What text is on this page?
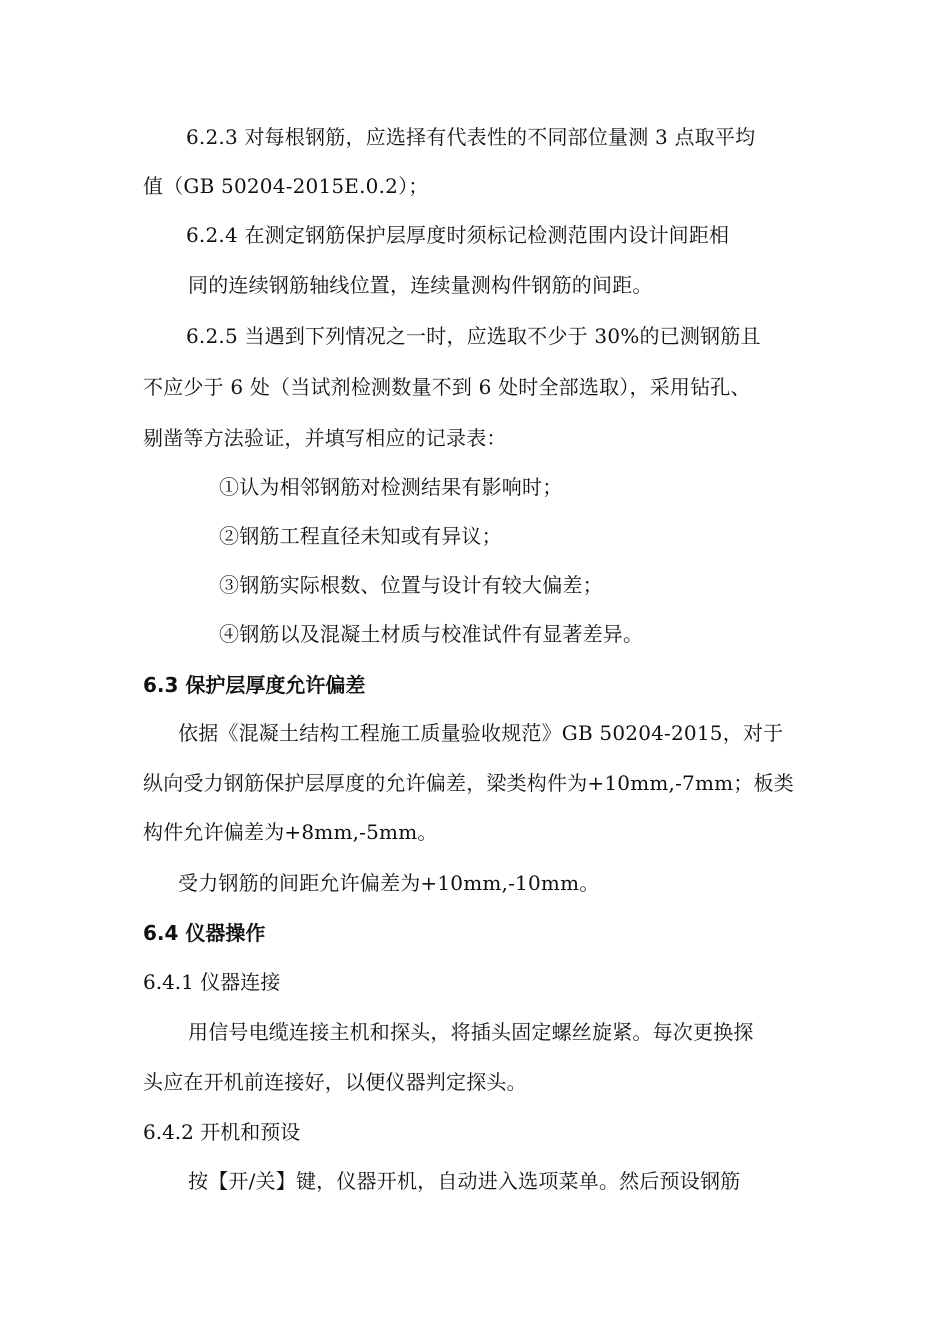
6.2.3 对每根钢筋，应选择有代表性的不同部位量测 3 点取平均
值（GB 50204-2015E.0.2）；
6.2.4 在测定钢筋保护层厚度时须标记检测范围内设计间距相
同的连续钢筋轴线位置，连续量测构件钢筋的间距。
6.2.5 当遇到下列情况之一时，应选取不少于 30%的已测钢筋且
不应少于 6 处（当试剂检测数量不到 6 处时全部选取），采用钻孔、
剔凿等方法验证，并填写相应的记录表：
①认为相邻钢筋对检测结果有影响时；
②钢筋工程直径未知或有异议；
③钢筋实际根数、位置与设计有较大偏差；
④钢筋以及混凝土材质与校准试件有显著差异。
6.3 保护层厚度允许偏差
依据《混凝土结构工程施工质量验收规范》GB 50204-2015，对于
纵向受力钢筋保护层厚度的允许偏差，梁类构件为+10mm,-7mm；板类
构件允许偏差为+8mm,-5mm。
受力钢筋的间距允许偏差为+10mm,-10mm。
6.4 仪器操作
6.4.1 仪器连接
用信号电缆连接主机和探头，将插头固定螺丝旋紧。每次更换探
头应在开机前连接好，以便仪器判定探头。
6.4.2 开机和预设
按【开/关】键，仪器开机，自动进入选项菜单。然后预设钢筋
